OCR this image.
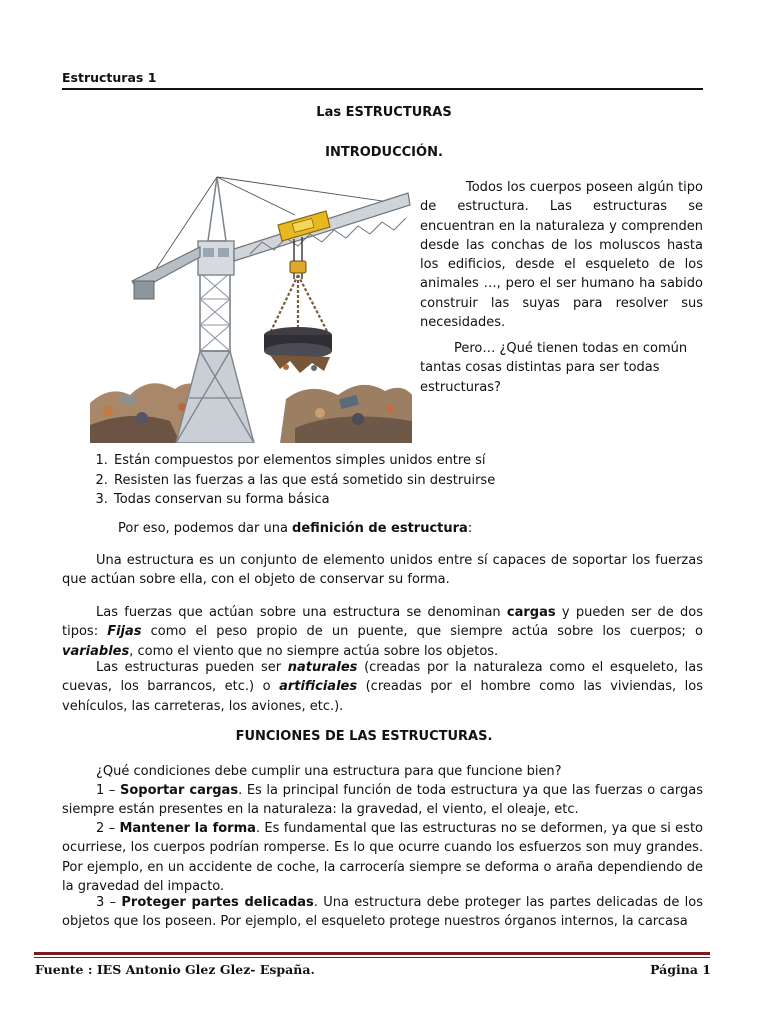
Estructuras 1
Las ESTRUCTURAS
INTRODUCCIÓN.

Todos los cuerpos poseen algún tipo de estructura. Las estructuras se encuentran en la naturaleza y comprenden desde las conchas de los moluscos hasta los edificios, desde el esqueleto de los animales …, pero el ser humano ha sabido construir las suyas para resolver sus necesidades.

Pero… ¿Qué tienen todas en común tantas cosas distintas para ser todas estructuras?

1. Están compuestos por elementos simples unidos entre sí
2. Resisten las fuerzas a las que está sometido sin destruirse
3. Todas conservan su forma básica

Por eso, podemos dar una definición de estructura:

Una estructura es un conjunto de elemento unidos entre sí capaces de soportar los fuerzas que actúan sobre ella, con el objeto de conservar su forma.

Las fuerzas que actúan sobre una estructura se denominan cargas y pueden ser de dos tipos: Fijas como el peso propio de un puente, que siempre actúa sobre los cuerpos; o variables, como el viento que no siempre actúa sobre los objetos.

Las estructuras pueden ser naturales (creadas por la naturaleza como el esqueleto, las cuevas, los barrancos, etc.) o artificiales (creadas por el hombre como las viviendas, los vehículos, las carreteras, los aviones, etc.).

FUNCIONES DE LAS ESTRUCTURAS.

¿Qué condiciones debe cumplir una estructura para que funcione bien?

1 – Soportar cargas. Es la principal función de toda estructura ya que las fuerzas o cargas siempre están presentes en la naturaleza: la gravedad, el viento, el oleaje, etc.

2 – Mantener la forma. Es fundamental que las estructuras no se deformen, ya que si esto ocurriese, los cuerpos podrían romperse. Es lo que ocurre cuando los esfuerzos son muy grandes. Por ejemplo, en un accidente de coche, la carrocería siempre se deforma o araña dependiendo de la gravedad del impacto.

3 – Proteger partes delicadas. Una estructura debe proteger las partes delicadas de los objetos que los poseen. Por ejemplo, el esqueleto protege nuestros órganos internos, la carcasa

Fuente : IES Antonio Glez Glez- España.	Página 1
